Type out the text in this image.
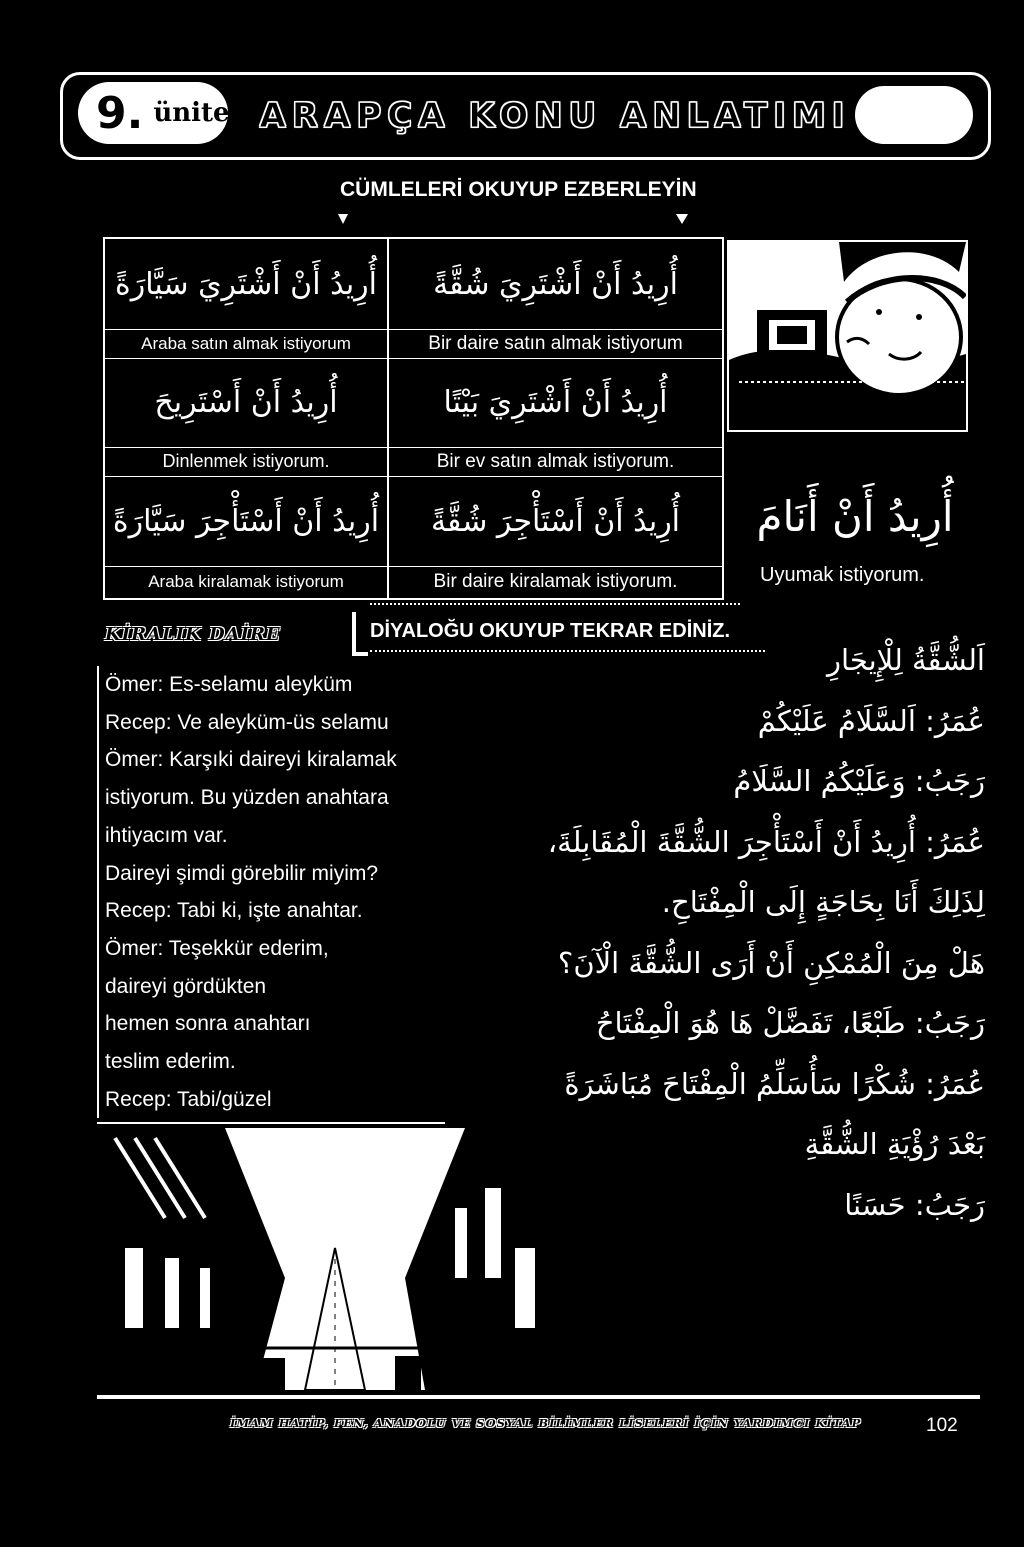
9. ünite ARAPÇA KONU ANLATIMI
CÜMLELERİ OKUYUP EZBERLEYİN
أُرِيدُ أَنْ أَشْتَرِيَ سَيَّارَةً
Araba satın almak istiyorum
أُرِيدُ أَنْ أَشْتَرِيَ شُقَّةً
Bir daire satın almak istiyorum
أُرِيدُ أَنْ أَسْتَرِيحَ
Dinlenmek istiyorum.
أُرِيدُ أَنْ أَشْتَرِيَ بَيْتًا
Bir ev satın almak istiyorum.
أُرِيدُ أَنْ أَسْتَأْجِرَ سَيَّارَةً
Araba kiralamak istiyorum
أُرِيدُ أَنْ أَسْتَأْجِرَ شُقَّةً
Bir daire kiralamak istiyorum.
أُرِيدُ أَنْ أَنَامَ
Uyumak istiyorum.
KİRALIK DAİRE	DİYALOĞU OKUYUP TEKRAR EDİNİZ.
Ömer: Es-selamu aleyküm
Recep: Ve aleyküm-üs selamu
Ömer: Karşıki daireyi kiralamak
istiyorum. Bu yüzden anahtara
ihtiyacım var.
Daireyi şimdi görebilir miyim?
Recep: Tabi ki, işte anahtar.
Ömer: Teşekkür ederim,
daireyi gördükten
hemen sonra anahtarı
teslim ederim.
Recep: Tabi/güzel
اَلشُّقَّةُ لِلْإِيجَارِ
عُمَرُ: اَلسَّلَامُ عَلَيْكُمْ
رَجَبُ: وَعَلَيْكُمُ السَّلَامُ
عُمَرُ: أُرِيدُ أَنْ أَسْتَأْجِرَ الشُّقَّةَ الْمُقَابِلَةَ،
لِذَلِكَ أَنَا بِحَاجَةٍ إِلَى الْمِفْتَاحِ.
هَلْ مِنَ الْمُمْكِنِ أَنْ أَرَى الشُّقَّةَ الْآنَ؟
رَجَبُ: طَبْعًا، تَفَضَّلْ هَا هُوَ الْمِفْتَاحُ
عُمَرُ: شُكْرًا سَأُسَلِّمُ الْمِفْتَاحَ مُبَاشَرَةً
بَعْدَ رُؤْيَةِ الشُّقَّةِ
رَجَبُ: حَسَنًا
İMAM HATİP, FEN, ANADOLU VE SOSYAL BİLİMLER LİSELERİ İÇİN YARDIMCI KİTAP	102
